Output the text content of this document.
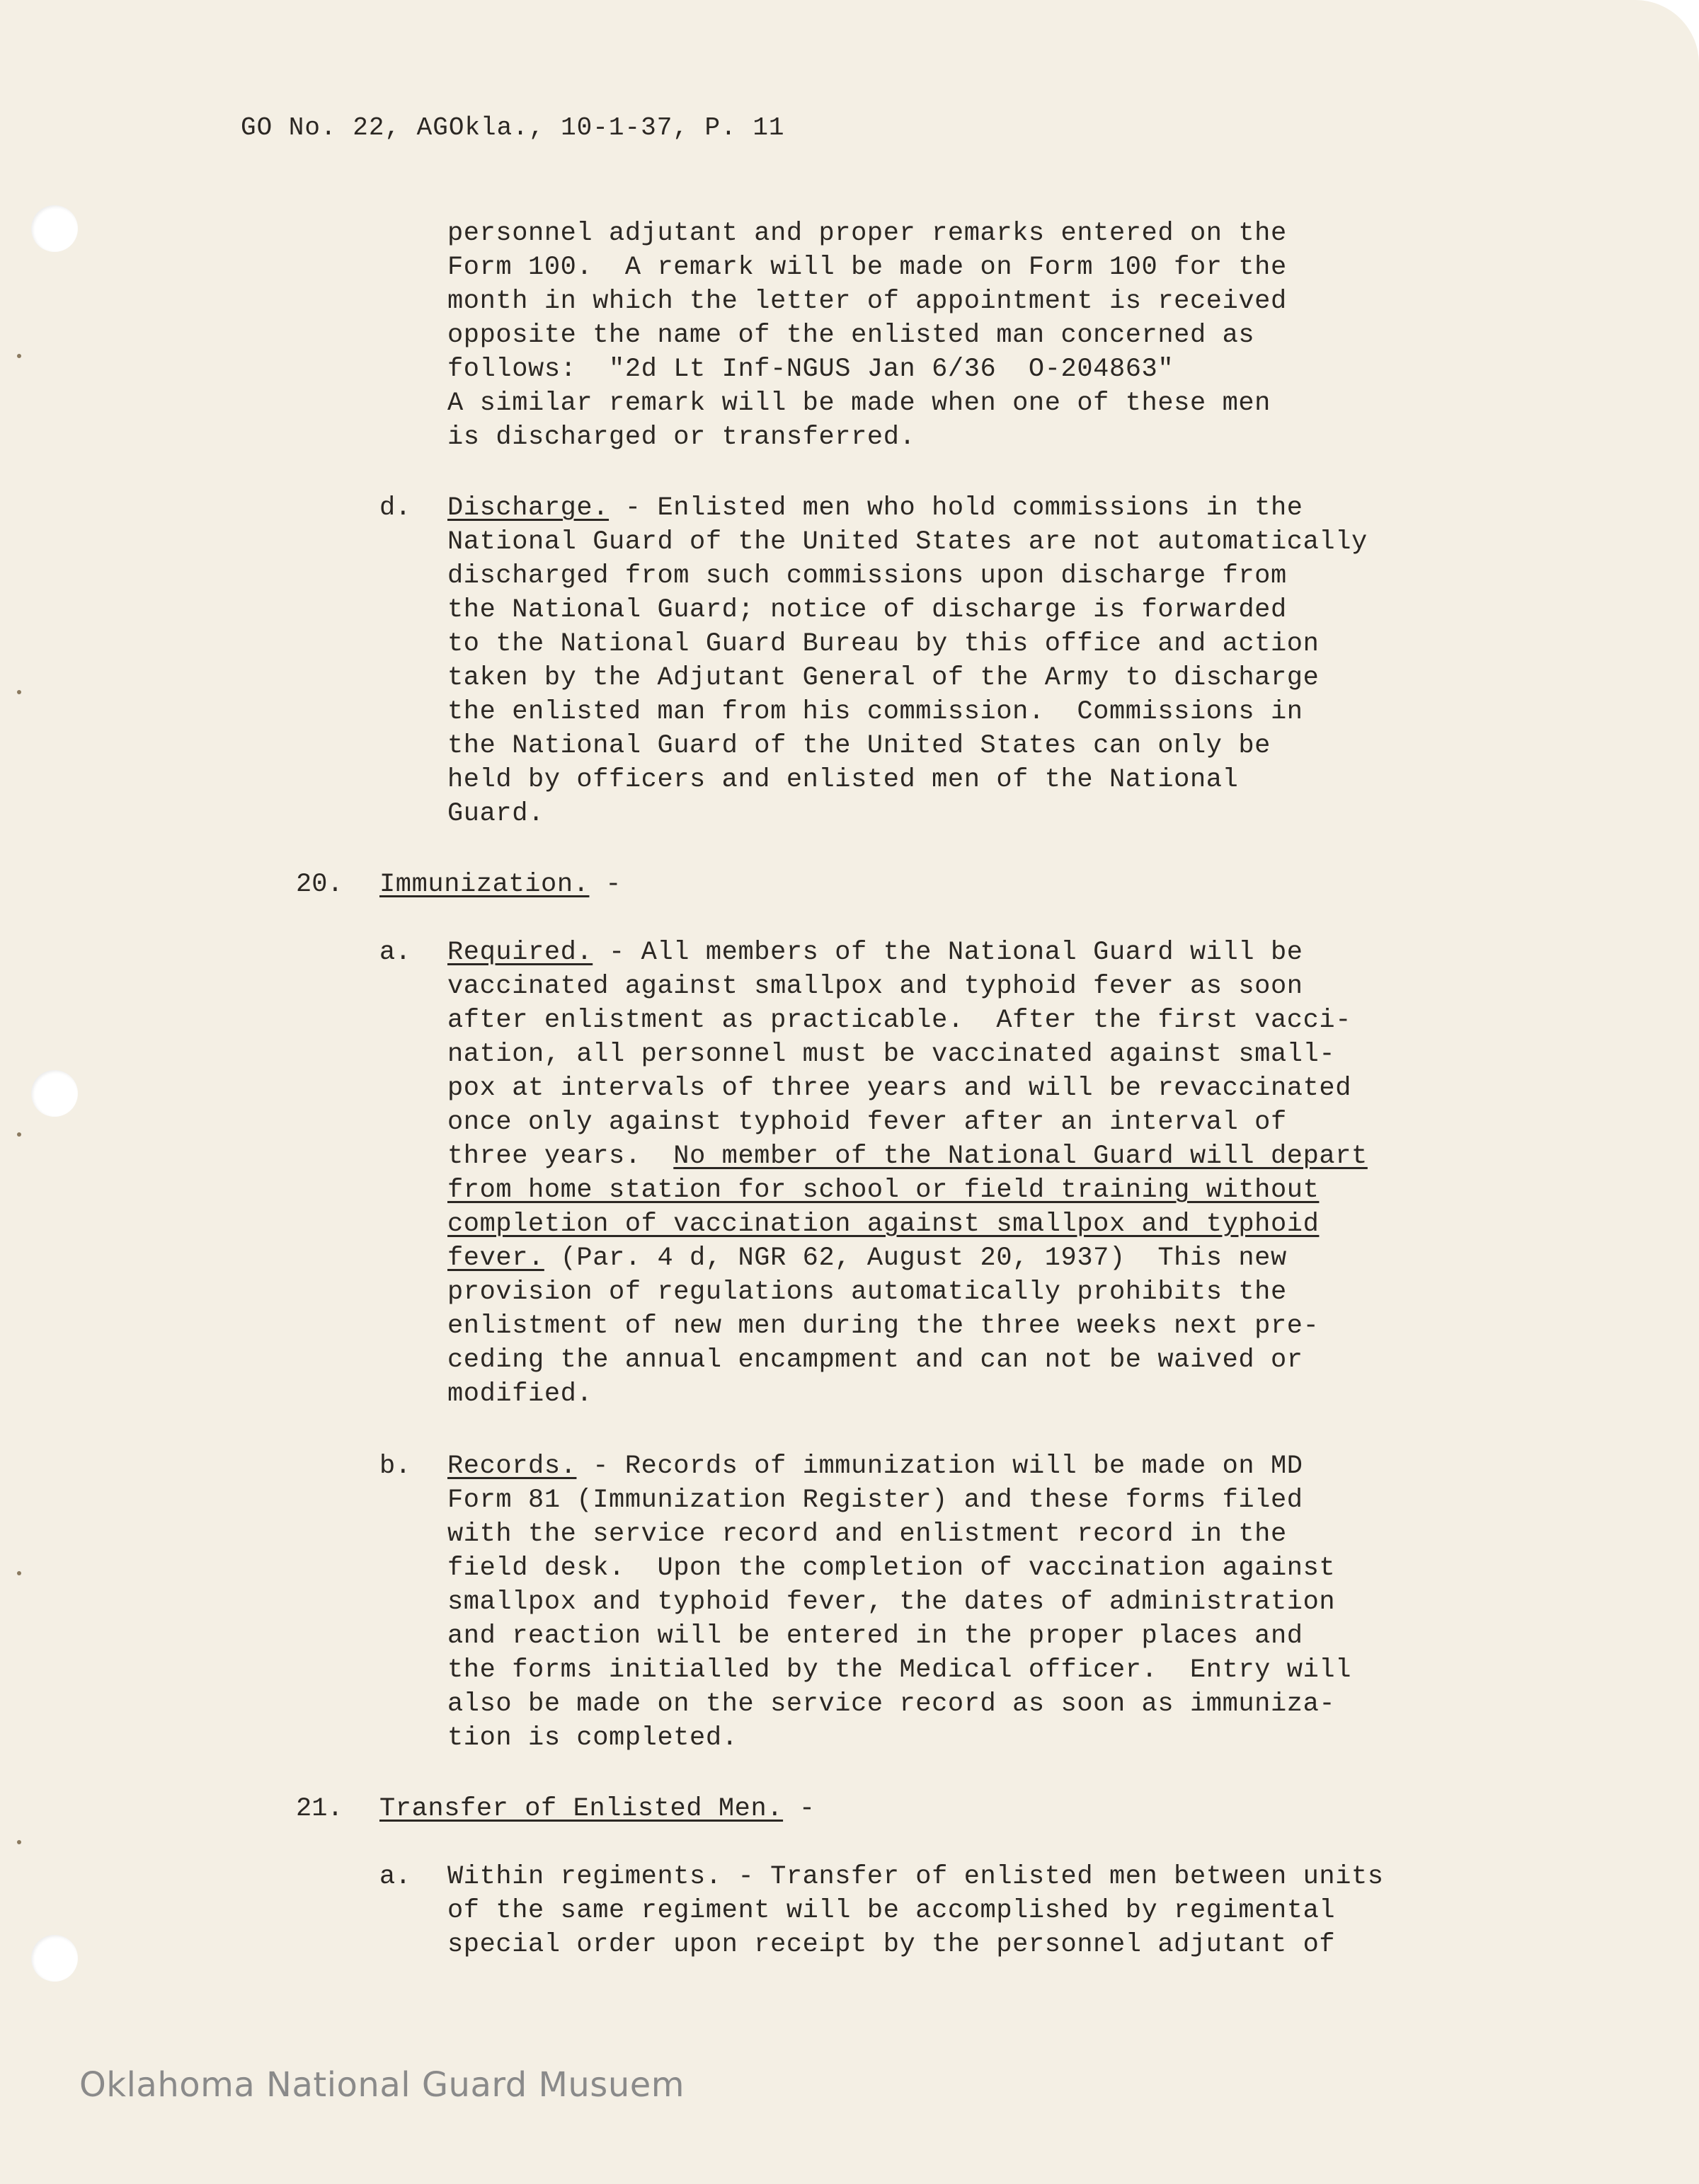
GO No. 22, AGOkla., 10-1-37, P. 11
personnel adjutant and proper remarks entered on the
Form 100.  A remark will be made on Form 100 for the
month in which the letter of appointment is received
opposite the name of the enlisted man concerned as
follows:  "2d Lt Inf-NGUS Jan 6/36  O-204863"
A similar remark will be made when one of these men
is discharged or transferred.
d. Discharge. - Enlisted men who hold commissions in the
National Guard of the United States are not automatically
discharged from such commissions upon discharge from
the National Guard; notice of discharge is forwarded
to the National Guard Bureau by this office and action
taken by the Adjutant General of the Army to discharge
the enlisted man from his commission.  Commissions in
the National Guard of the United States can only be
held by officers and enlisted men of the National
Guard.
20. Immunization. -
a. Required. - All members of the National Guard will be
vaccinated against smallpox and typhoid fever as soon
after enlistment as practicable.  After the first vacci-
nation, all personnel must be vaccinated against small-
pox at intervals of three years and will be revaccinated
once only against typhoid fever after an interval of
three years.  No member of the National Guard will depart
from home station for school or field training without
completion of vaccination against smallpox and typhoid
fever. (Par. 4 d, NGR 62, August 20, 1937)  This new
provision of regulations automatically prohibits the
enlistment of new men during the three weeks next pre-
ceding the annual encampment and can not be waived or
modified.
b. Records. - Records of immunization will be made on MD
Form 81 (Immunization Register) and these forms filed
with the service record and enlistment record in the
field desk.  Upon the completion of vaccination against
smallpox and typhoid fever, the dates of administration
and reaction will be entered in the proper places and
the forms initialled by the Medical officer.  Entry will
also be made on the service record as soon as immuniza-
tion is completed.
21. Transfer of Enlisted Men. -
a. Within regiments. - Transfer of enlisted men between units
of the same regiment will be accomplished by regimental
special order upon receipt by the personnel adjutant of
Oklahoma National Guard Musuem
